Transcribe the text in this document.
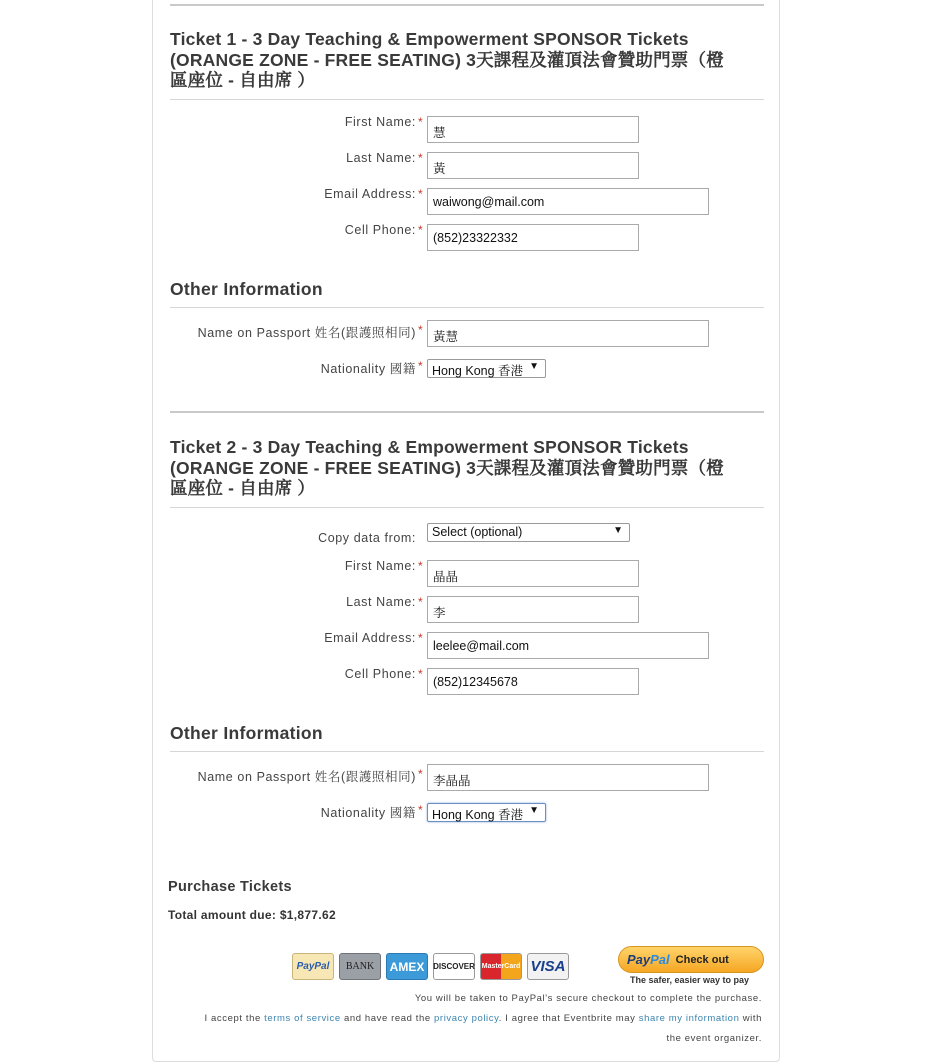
Ticket 1 - 3 Day Teaching & Empowerment SPONSOR Tickets
(ORANGE ZONE - FREE SEATING) 3天課程及灌頂法會贊助門票（橙
區座位 - 自由席 ）
First Name: *
慧
Last Name: *
黃
Email Address: *
waiwong@mail.com
Cell Phone: *
(852)23322332
Other Information
Name on Passport 姓名(跟護照相同) * 黃慧
Nationality 國籍 * Hong Kong 香港 ▼
Ticket 2 - 3 Day Teaching & Empowerment SPONSOR Tickets
(ORANGE ZONE - FREE SEATING) 3天課程及灌頂法會贊助門票（橙
區座位 - 自由席 ）
Copy data from:	Select (optional)	▼
First Name: *
晶晶
Last Name: *
李
Email Address: *
leelee@mail.com
Cell Phone: *
(852)12345678
Other Information
Name on Passport 姓名(跟護照相同) * 李晶晶
Nationality 國籍 * Hong Kong 香港 ▼
Purchase Tickets
Total amount due: $1,877.62
PayPal	BANK	AMEX	DISCOVER MasterCard VISA	PayPal Check out
The safer, easier way to pay
You will be taken to PayPal's secure checkout to complete the purchase.
I accept the terms of service and have read the privacy policy. I agree that Eventbrite may share my information with
the event organizer.
